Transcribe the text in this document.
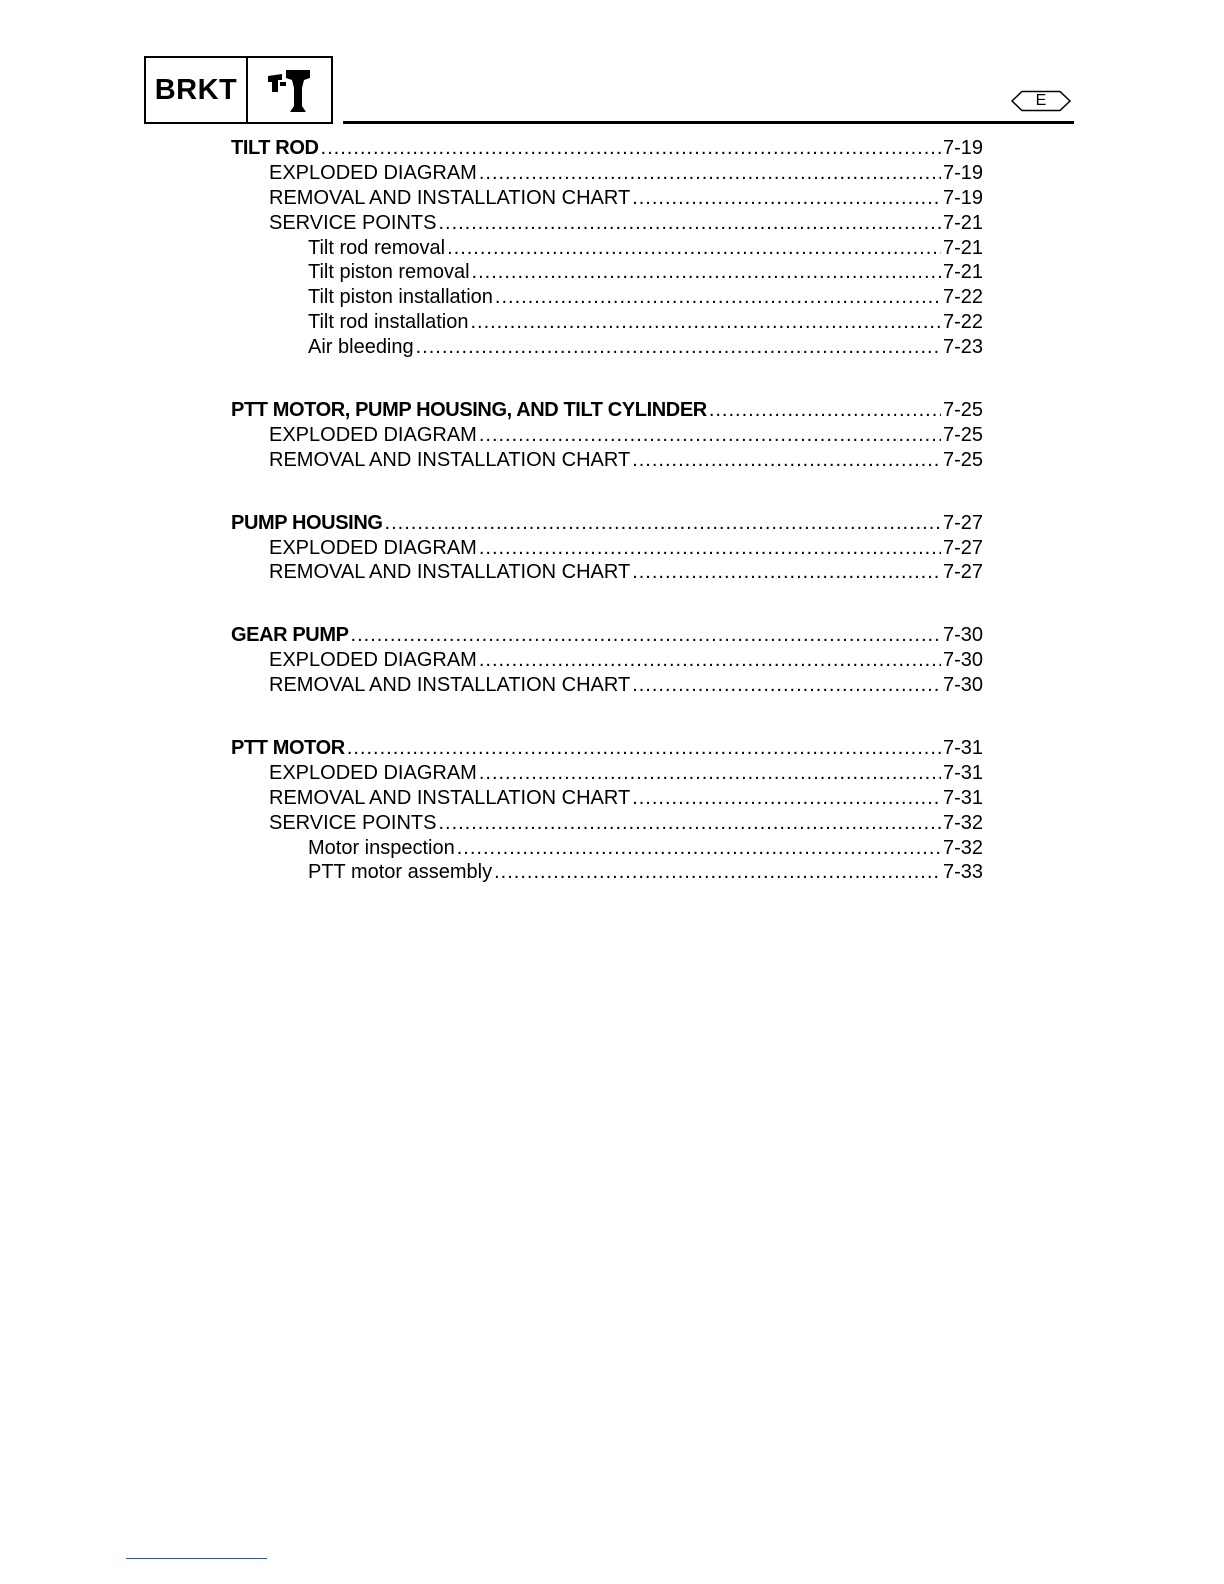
BRKT	E
TILT ROD .....	7-19
EXPLODED DIAGRAM .....	7-19
REMOVAL AND INSTALLATION CHART .....	7-19
SERVICE POINTS .....	7-21
Tilt rod removal .....	7-21
Tilt piston removal .....	7-21
Tilt piston installation .....	7-22
Tilt rod installation .....	7-22
Air bleeding .....	7-23
PTT MOTOR, PUMP HOUSING, AND TILT CYLINDER .....	7-25
EXPLODED DIAGRAM .....	7-25
REMOVAL AND INSTALLATION CHART .....	7-25
PUMP HOUSING .....	7-27
EXPLODED DIAGRAM .....	7-27
REMOVAL AND INSTALLATION CHART .....	7-27
GEAR PUMP .....	7-30
EXPLODED DIAGRAM .....	7-30
REMOVAL AND INSTALLATION CHART .....	7-30
PTT MOTOR .....	7-31
EXPLODED DIAGRAM .....	7-31
REMOVAL AND INSTALLATION CHART .....	7-31
SERVICE POINTS .....	7-32
Motor inspection .....	7-32
PTT motor assembly .....	7-33
